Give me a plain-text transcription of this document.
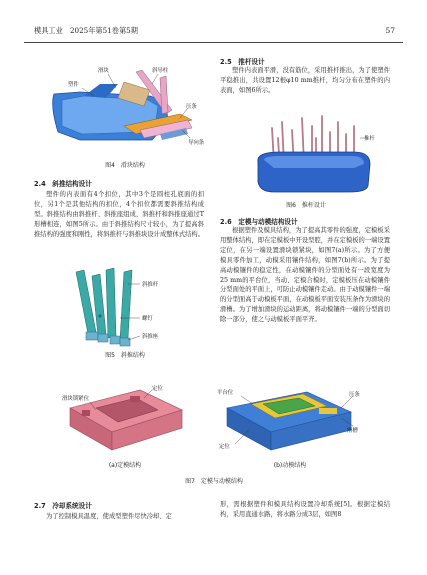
模具工业　2025年第51卷第5期	57
塑件
滑块	斜导柱
压条
导向条
图4　滑块结构
2.4　斜推结构设计
塑件的内表面有4个扣位，其中3个是圆柱孔底面的扣位，另1个是其他结构的扣位，4个扣位都需要斜推结构成型。斜推结构由斜推杆、斜推座组成，斜推杆和斜推座通过T形槽相连，如图5所示。由于斜推结构尺寸较小，为了提高斜推结构的强度和刚性，将斜推杆与斜推块设计成整体式结构。
斜推杆
螺钉
斜推座
图5　斜推结构
2.5　推杆设计
塑件内表面平滑，没有筋位，采用推杆推出，为了使塑件平稳推出，共设置12根φ10 mm推杆，均匀分布在塑件的内表面，如图6所示。
推杆
图6　推杆设计
2.6　定模与动模结构设计
根据塑件及模具结构，为了提高其零件的强度，定模板采用整体结构，即在定模板中开设型腔，并在定模板的一端设置定位，在另一端设置滑块锁紧块，如图7(a)所示。为了方便模具零件加工，动模采用镶件结构，如图7(b)所示。为了提高动模镶件的稳定性，在动模镶件的分型面处有一段宽度为25 mm的平台位，当动、定模合模时，定模板压在动模镶件分型面处的平面上，可防止动模镶件走动。由于动模镶件一端的分型面高于动模板平面，在动模板平面安装压条作为滑块的滑槽。为了增加滑块的运动距离，将动模镶件一端的分型面切除一部分，使之与动模板平面平齐。
滑块锁紧位
定位
(a)定模结构
平台位	压条
滑槽
定位
(b)动模结构
图7　定模与动模结构
2.7　冷却系统设计
为了控制模具温度，使成型塑件尽快冷却、定
形，需根据塑件和模具结构设置冷却系统[5]。根据定模结构，采用直通水路，将水路分成3层，如图8
